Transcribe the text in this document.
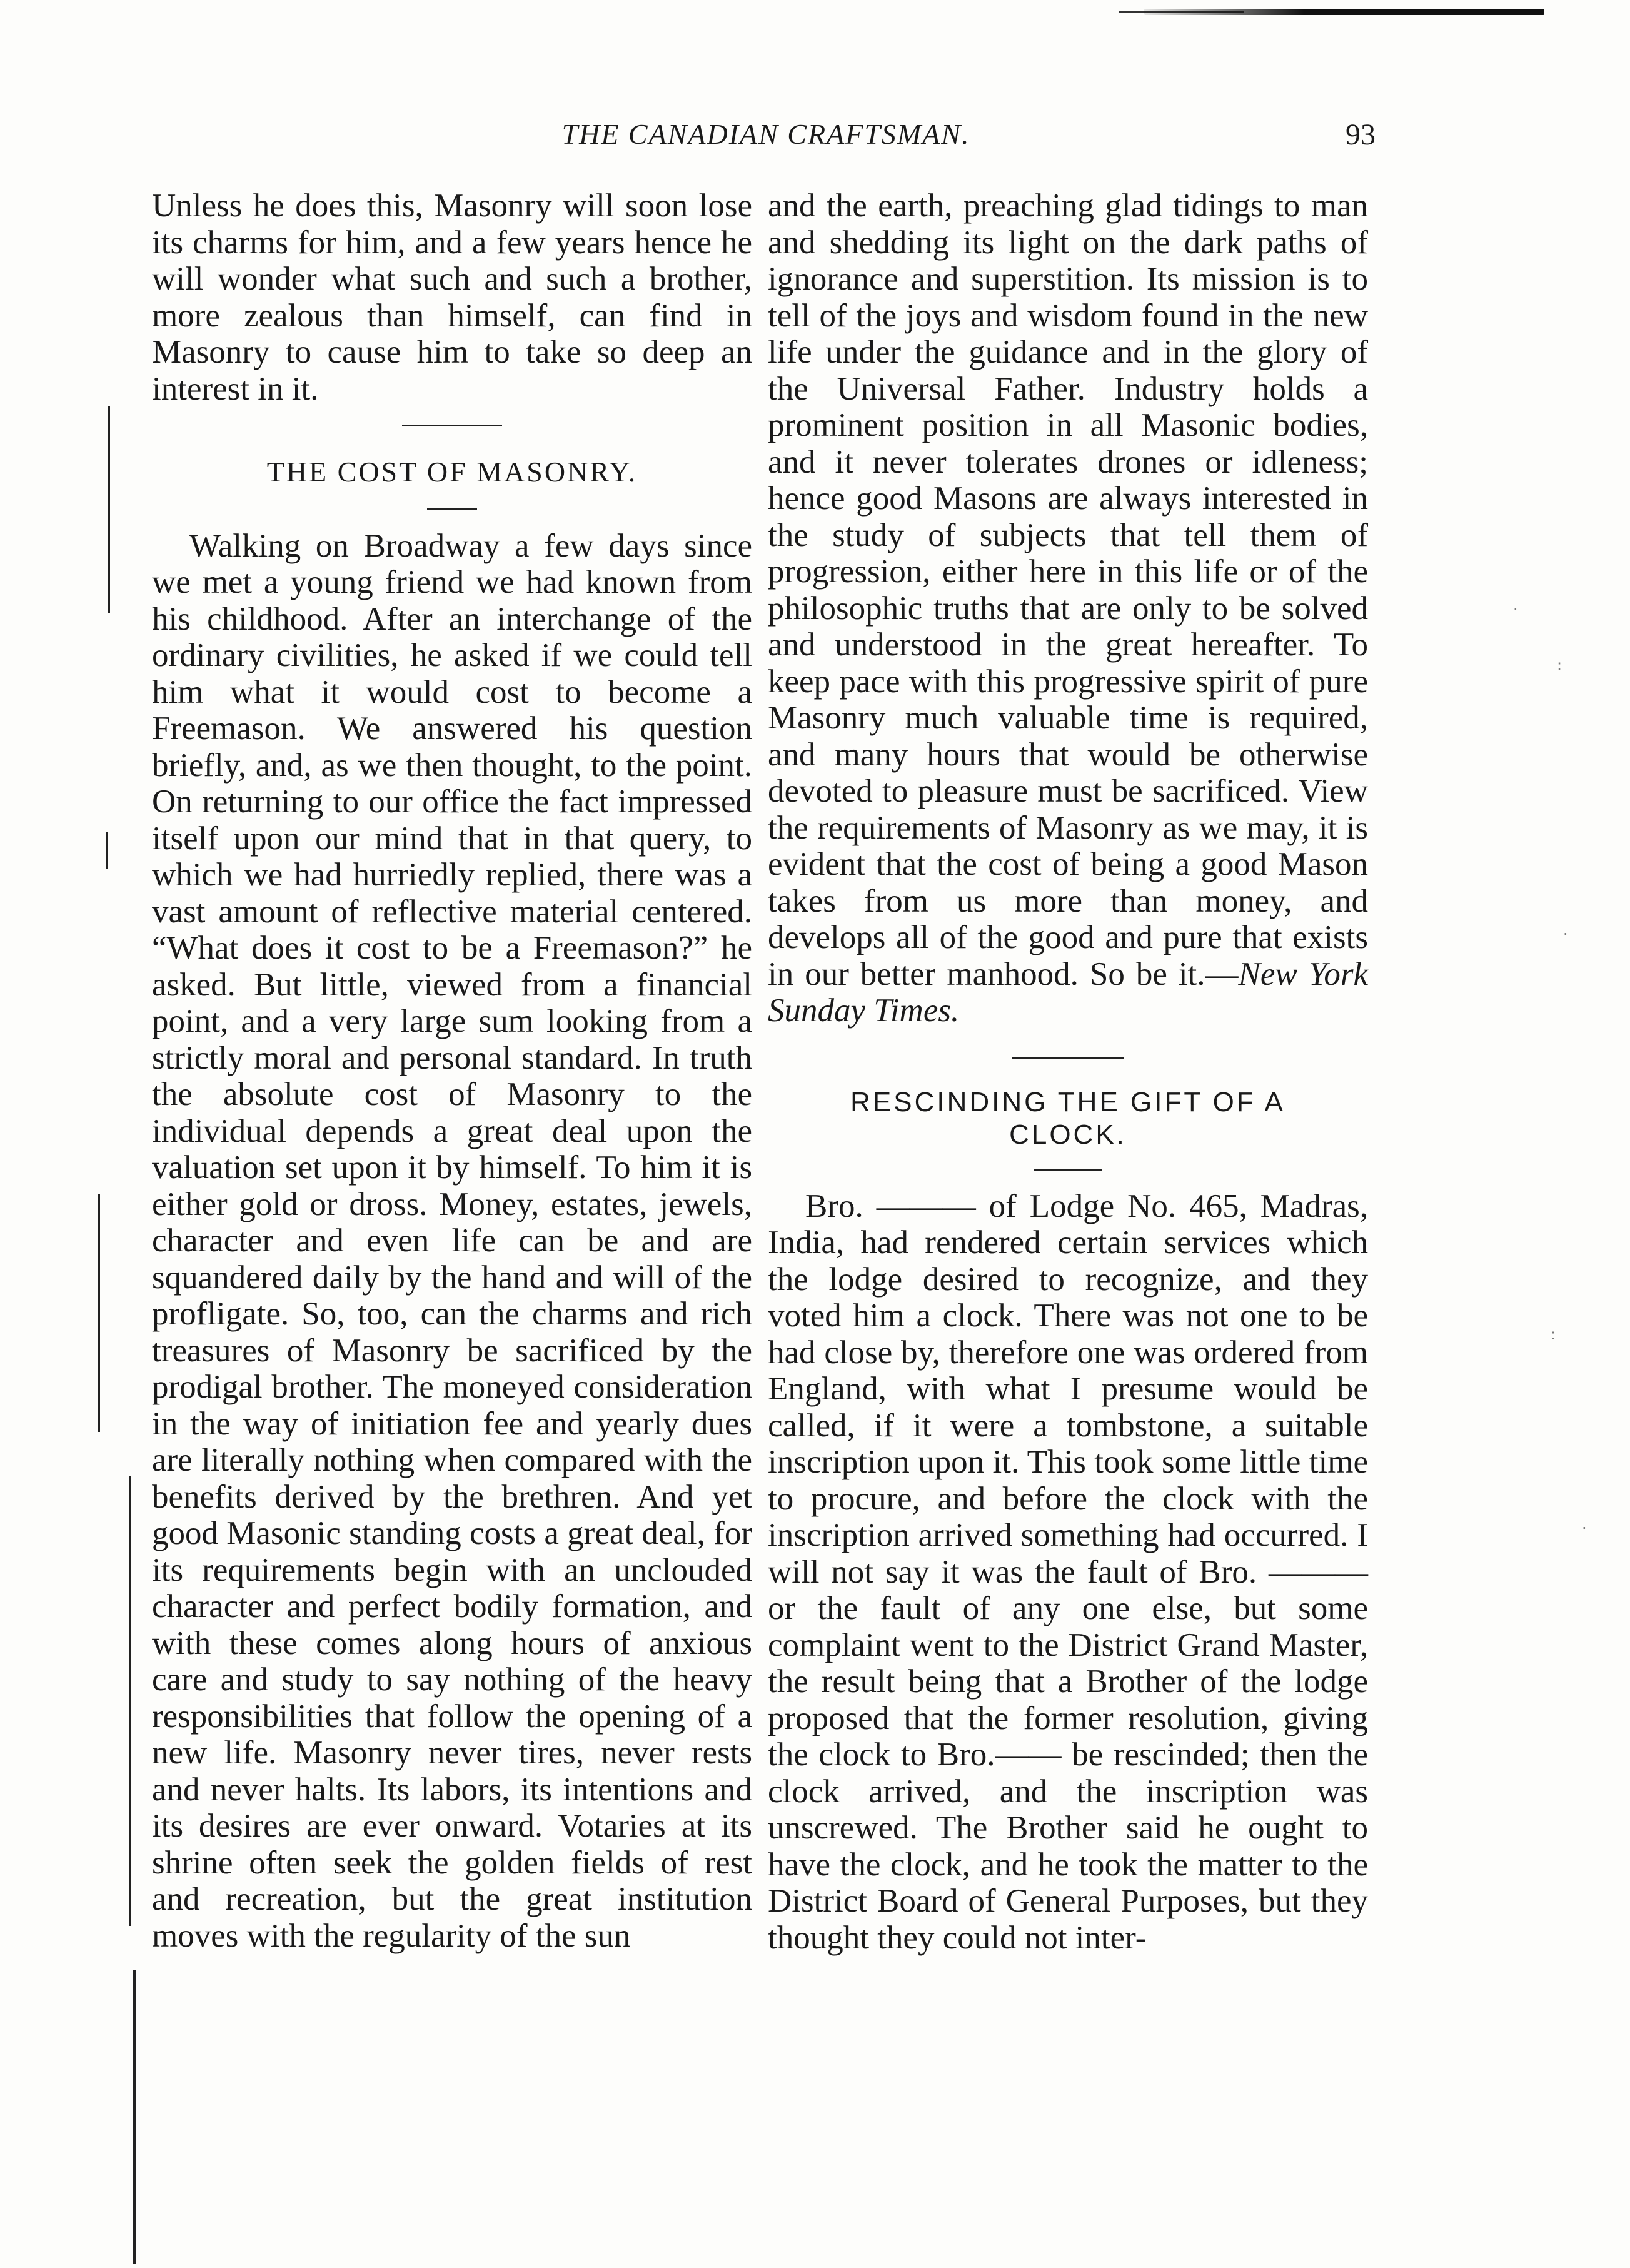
THE CANADIAN CRAFTSMAN.	93

Unless he does this, Masonry will soon lose its charms for him, and a few years hence he will wonder what such and such a brother, more zealous than himself, can find in Masonry to cause him to take so deep an interest in it.

THE COST OF MASONRY.

Walking on Broadway a few days since we met a young friend we had known from his childhood. After an interchange of the ordinary civilities, he asked if we could tell him what it would cost to become a Freemason. We answered his question briefly, and, as we then thought, to the point. On returning to our office the fact impressed itself upon our mind that in that query, to which we had hurriedly replied, there was a vast amount of reflective material centered. “What does it cost to be a Freemason?” he asked. But little, viewed from a financial point, and a very large sum looking from a strictly moral and personal standard. In truth the absolute cost of Masonry to the individual depends a great deal upon the valuation set upon it by himself. To him it is either gold or dross. Money, estates, jewels, character and even life can be and are squandered daily by the hand and will of the profligate. So, too, can the charms and rich treasures of Masonry be sacrificed by the prodigal brother. The moneyed consideration in the way of initiation fee and yearly dues are literally nothing when compared with the benefits derived by the brethren. And yet good Masonic standing costs a great deal, for its requirements begin with an unclouded character and perfect bodily formation, and with these comes along hours of anxious care and study to say nothing of the heavy responsibilities that follow the opening of a new life. Masonry never tires, never rests and never halts. Its labors, its intentions and its desires are ever onward. Votaries at its shrine often seek the golden fields of rest and recreation, but the great institution moves with the regularity of the sun

and the earth, preaching glad tidings to man and shedding its light on the dark paths of ignorance and superstition. Its mission is to tell of the joys and wisdom found in the new life under the guidance and in the glory of the Universal Father. Industry holds a prominent position in all Masonic bodies, and it never tolerates drones or idleness; hence good Masons are always interested in the study of subjects that tell them of progression, either here in this life or of the philosophic truths that are only to be solved and understood in the great hereafter. To keep pace with this progressive spirit of pure Masonry much valuable time is required, and many hours that would be otherwise devoted to pleasure must be sacrificed. View the requirements of Masonry as we may, it is evident that the cost of being a good Mason takes from us more than money, and develops all of the good and pure that exists in our better manhood. So be it.—New York Sunday Times.

RESCINDING THE GIFT OF A
CLOCK.

Bro. ——— of Lodge No. 465, Madras, India, had rendered certain services which the lodge desired to recognize, and they voted him a clock. There was not one to be had close by, therefore one was ordered from England, with what I presume would be called, if it were a tombstone, a suitable inscription upon it. This took some little time to procure, and before the clock with the inscription arrived something had occurred. I will not say it was the fault of Bro. ——— or the fault of any one else, but some complaint went to the District Grand Master, the result being that a Brother of the lodge proposed that the former resolution, giving the clock to Bro.—— be rescinded; then the clock arrived, and the inscription was unscrewed. The Brother said he ought to have the clock, and he took the matter to the District Board of General Purposes, but they thought they could not inter-

·
:
·
:
·
